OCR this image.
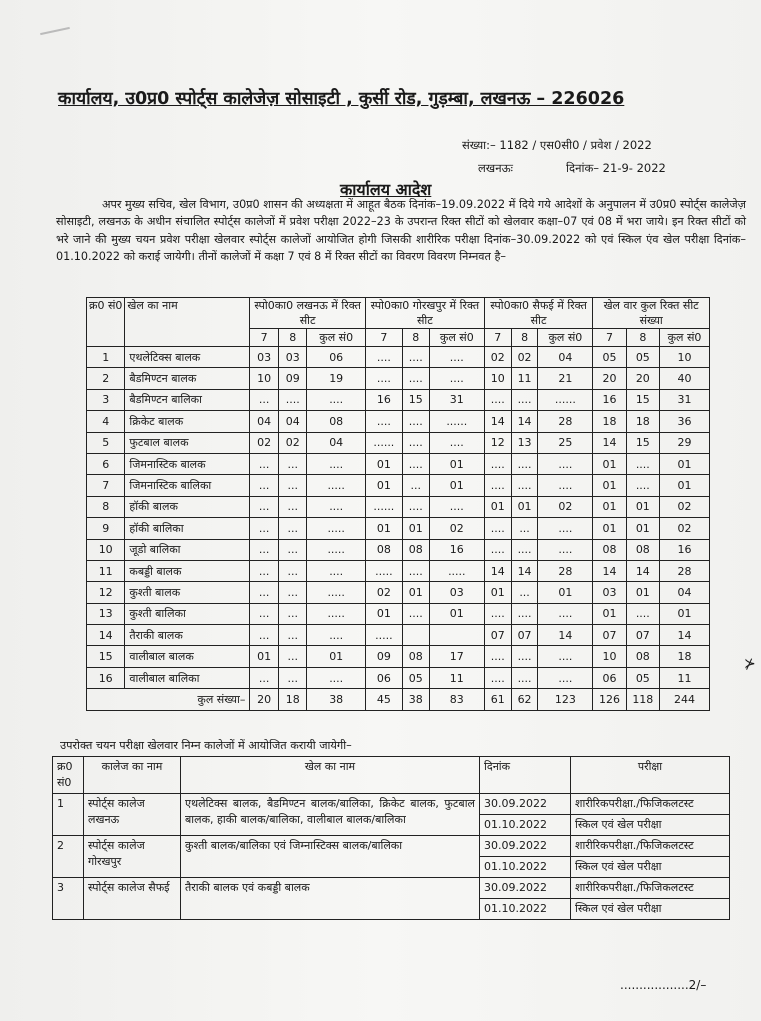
कार्यालय, उ0प्र0 स्पोर्ट्स कालेजेज़ सोसाइटी , कुर्सी रोड, गुड़म्बा, लखनऊ – 226026
संख्या:– 1182 / एस0सी0 / प्रवेश / 2022
लखनऊः	दिनांक– 21-9- 2022
कार्यालय आदेश

अपर मुख्य सचिव, खेल विभाग, उ0प्र0 शासन की अध्यक्षता में आहूत बैठक दिनांक–19.09.2022 में दिये गये आदेशों के अनुपालन में उ0प्र0 स्पोर्ट्स कालेजेज़ सोसाइटी, लखनऊ के अधीन संचालित स्पोर्ट्स कालेजों में प्रवेश परीक्षा 2022–23 के उपरान्त रिक्त सीटों को खेलवार कक्षा–07 एवं 08 में भरा जाये। इन रिक्त सीटों को भरे जाने की मुख्य चयन प्रवेश परीक्षा खेलवार स्पोर्ट्स कालेजों आयोजित होगी जिसकी शारीरिक परीक्षा दिनांक–30.09.2022 को एवं स्किल एंव खेल परीक्षा दिनांक–01.10.2022 को कराई जायेगी। तीनों कालेजों में कक्षा 7 एवं 8 में रिक्त सीटों का विवरण विवरण निम्नवत है–

क्र0 सं0	खेल का नाम	स्पो0का0 लखनऊ में रिक्त सीट			स्पो0का0 गोरखपुर में रिक्त सीट			स्पो0का0 सैफई में रिक्त सीट			खेल वार कुल रिक्त सीट संख्या		
		7	8	कुल सं0	7	8	कुल सं0	7	8	कुल सं0	7	8	कुल सं0
1	एथलेटिक्स बालक	03	03	06	....	....	....	02	02	04	05	05	10
2	बैडमिण्टन बालक	10	09	19	....	....	....	10	11	21	20	20	40
3	बैडमिण्टन बालिका	...	....	....	16	15	31	....	....	......	16	15	31
4	क्रिकेट बालक	04	04	08	....	....	......	14	14	28	18	18	36
5	फुटबाल बालक	02	02	04	......	....	....	12	13	25	14	15	29
6	जिमनास्टिक बालक	...	...	....	01	....	01	....	....	....	01	....	01
7	जिमनास्टिक बालिका	...	...	.....	01	...	01	....	....	....	01	....	01
8	हॉकी बालक	...	...	....	......	....	....	01	01	02	01	01	02
9	हॉकी बालिका	...	...	.....	01	01	02	....	...	....	01	01	02
10	जूडो बालिका	...	...	.....	08	08	16	....	....	....	08	08	16
11	कबड्डी बालक	...	...	....	.....	....	.....	14	14	28	14	14	28
12	कुश्ती बालक	...	...	.....	02	01	03	01	...	01	03	01	04
13	कुश्ती बालिका	...	...	.....	01	....	01	....	....	....	01	....	01
14	तैराकी बालक	...	...	....	.....			07	07	14	07	07	14
15	वालीबाल बालक	01	...	01	09	08	17	....	....	....	10	08	18
16	वालीबाल बालिका	...	...	....	06	05	11	....	....	....	06	05	11
कुल संख्या–		20	18	38	45	38	83	61	62	123	126	118	244
उपरोक्त चयन परीक्षा खेलवार निम्न कालेजों में आयोजित करायी जायेगी–
क्र0 सं0	कालेज का नाम	खेल का नाम	दिनांक	परीक्षा
1	स्पोर्ट्स कालेज लखनऊ	एथलेटिक्स बालक, बैडमिण्टन बालक/बालिका, क्रिकेट बालक, फुटबाल बालक, हाकी बालक/बालिका, वालीबाल बालक/बालिका	30.09.2022	शारीरिकपरीक्षा./फिजिकलटस्ट
			01.10.2022	स्किल एवं खेल परीक्षा
2	स्पोर्ट्स कालेज गोरखपुर	कुश्ती बालक/बालिका एवं जिम्नास्टिक्स बालक/बालिका	30.09.2022	शारीरिकपरीक्षा./फिजिकलटस्ट
			01.10.2022	स्किल एवं खेल परीक्षा
3	स्पोर्ट्स कालेज सैफई	तैराकी बालक एवं कबड्डी बालक	30.09.2022	शारीरिकपरीक्षा./फिजिकलटस्ट
			01.10.2022	स्किल एवं खेल परीक्षा
⊁
..................2/–
